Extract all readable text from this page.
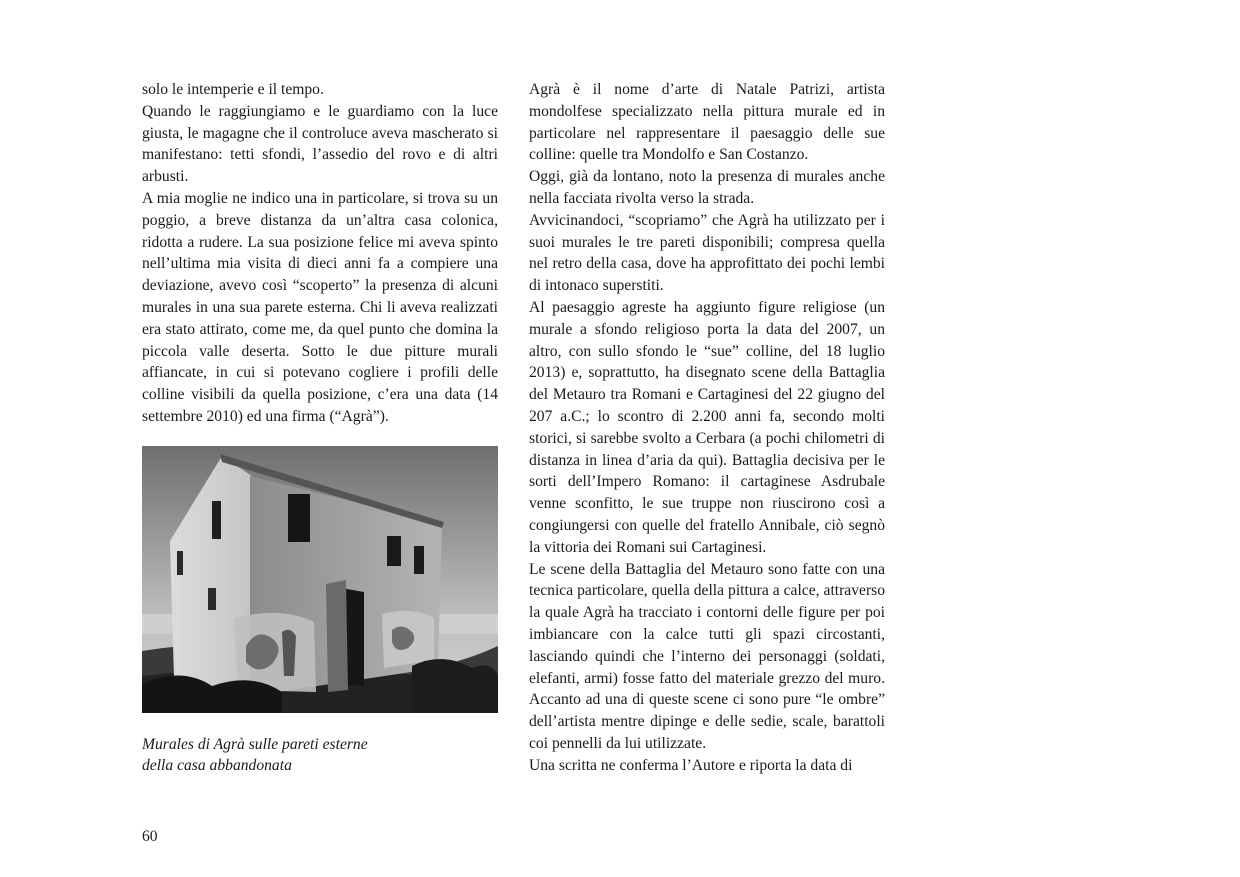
solo le intemperie e il tempo.

Quando le raggiungiamo e le guardiamo con la luce giusta, le magagne che il controluce aveva mascherato si manifestano: tetti sfondi, l’assedio del rovo e di altri arbusti.

A mia moglie ne indico una in particolare, si trova su un poggio, a breve distanza da un’altra casa colonica, ridotta a rudere. La sua posizione felice mi aveva spinto nell’ultima mia visita di dieci anni fa a compiere una deviazione, avevo così “scoperto” la presenza di alcuni murales in una sua parete esterna. Chi li aveva realizzati era stato attirato, come me, da quel punto che domina la piccola valle deserta. Sotto le due pitture murali affiancate, in cui si potevano cogliere i profili delle colline visibili da quella posizione, c’era una data (14 settembre 2010) ed una firma (“Agrà”).

Murales di Agrà sulle pareti esterne
della casa abbandonata

Agrà è il nome d’arte di Natale Patrizi, artista mondolfese specializzato nella pittura murale ed in particolare nel rappresentare il paesaggio delle sue colline: quelle tra Mondolfo e San Costanzo.

Oggi, già da lontano, noto la presenza di murales anche nella facciata rivolta verso la strada.

Avvicinandoci, “scopriamo” che Agrà ha utilizzato per i suoi murales le tre pareti disponibili; compresa quella nel retro della casa, dove ha approfittato dei pochi lembi di intonaco superstiti.

Al paesaggio agreste ha aggiunto figure religiose (un murale a sfondo religioso porta la data del 2007, un altro, con sullo sfondo le “sue” colline, del 18 luglio 2013) e, soprattutto, ha disegnato scene della Battaglia del Metauro tra Romani e Cartaginesi del 22 giugno del 207 a.C.; lo scontro di 2.200 anni fa, secondo molti storici, si sarebbe svolto a Cerbara (a pochi chilometri di distanza in linea d’aria da qui). Battaglia decisiva per le sorti dell’Impero Romano: il cartaginese Asdrubale venne sconfitto, le sue truppe non riuscirono così a congiungersi con quelle del fratello Annibale, ciò segnò la vittoria dei Romani sui Cartaginesi.

Le scene della Battaglia del Metauro sono fatte con una tecnica particolare, quella della pittura a calce, attraverso la quale Agrà ha tracciato i contorni delle figure per poi imbiancare con la calce tutti gli spazi circostanti, lasciando quindi che l’interno dei personaggi (soldati, elefanti, armi) fosse fatto del materiale grezzo del muro. Accanto ad una di queste scene ci sono pure “le ombre” dell’artista mentre dipinge e delle sedie, scale, barattoli coi pennelli da lui utilizzate.

Una scritta ne conferma l’Autore e riporta la data di

60
